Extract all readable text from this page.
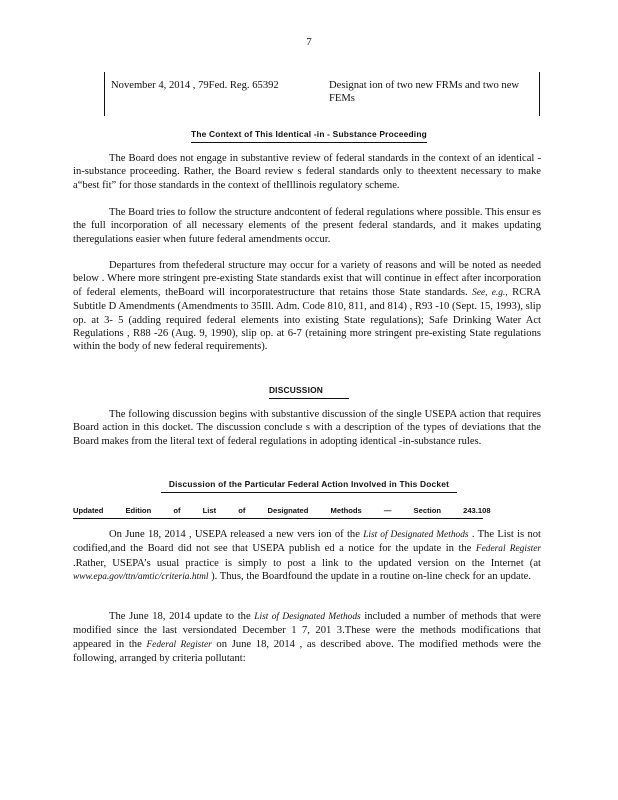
7
November 4, 2014 , 79Fed. Reg. 65392	Designat ion of two new FRMs and two new FEMs
The Context of This Identical -in - Substance Proceeding

The Board does not engage in substantive review of federal standards in the context of an identical -in-substance proceeding. Rather, the Board review s federal standards only to theextent necessary to make a“best fit” for those standards in the context of theIllinois regulatory scheme.

The Board tries to follow the structure andcontent of federal regulations where possible. This ensur es the full incorporation of all necessary elements of the present federal standards, and it makes updating theregulations easier when future federal amendments occur.

Departures from thefederal structure may occur for a variety of reasons and will be noted as needed below . Where more stringent pre-existing State standards exist that will continue in effect after incorporation of federal elements, theBoard will incorporatestructure that retains those State standards. See, e.g., RCRA Subtitle D Amendments (Amendments to 35Ill. Adm. Code 810, 811, and 814) , R93 -10 (Sept. 15, 1993), slip op. at 3- 5 (adding required federal elements into existing State regulations); Safe Drinking Water Act Regulations , R88 -26 (Aug. 9, 1990), slip op. at 6-7 (retaining more stringent pre-existing State regulations within the body of new federal requirements).

DISCUSSION

The following discussion begins with substantive discussion of the single USEPA action that requires Board action in this docket. The discussion conclude s with a description of the types of deviations that the Board makes from the literal text of federal regulations in adopting identical -in-substance rules.

Discussion of the Particular Federal Action Involved in This Docket
Updated Edition of List of Designated Methods — Section 243.108

On June 18, 2014 , USEPA released a new vers ion of the List of Designated Methods . The List is not codified,and the Board did not see that USEPA publish ed a notice for the update in the Federal Register .Rather, USEPA’s usual practice is simply to post a link to the updated version on the Internet (at www.epa.gov/ttn/amtic/criteria.html ). Thus, the Boardfound the update in a routine on-line check for an update.

The June 18, 2014 update to the List of Designated Methods included a number of methods that were modified since the last versiondated December 1 7, 201 3.These were the methods modifications that appeared in the Federal Register on June 18, 2014 , as described above. The modified methods were the following, arranged by criteria pollutant:
